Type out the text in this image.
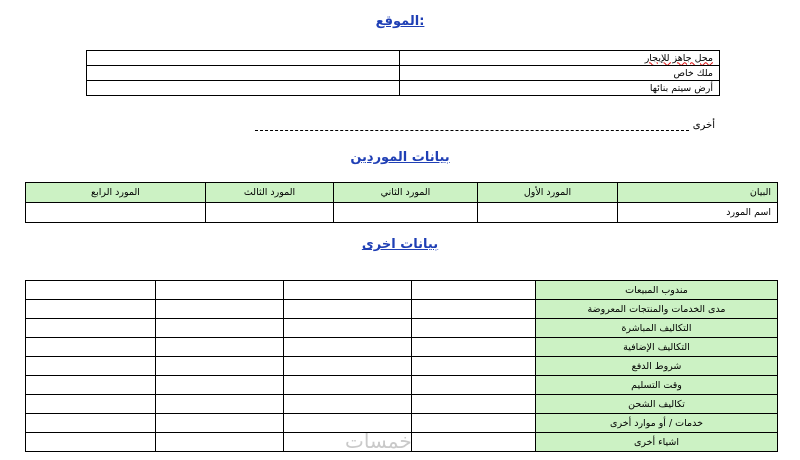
الموقع:
محل جاهز للإيجار	
ملك خاص	
أرض سيتم بنائها	
أخرى
بيانات الموردين
البيان	المورد الأول	المورد الثاني	المورد الثالث	المورد الرابع
اسم المورد				
بيانات اخرى
مندوب المبيعات				
مدى الخدمات والمنتجات المعروضة				
التكاليف المباشرة				
التكاليف الإضافية				
شروط الدفع				
وقت التسليم				
تكاليف الشحن				
خدمات / أو موارد أخرى				
اشياء أخرى				
خمسات
